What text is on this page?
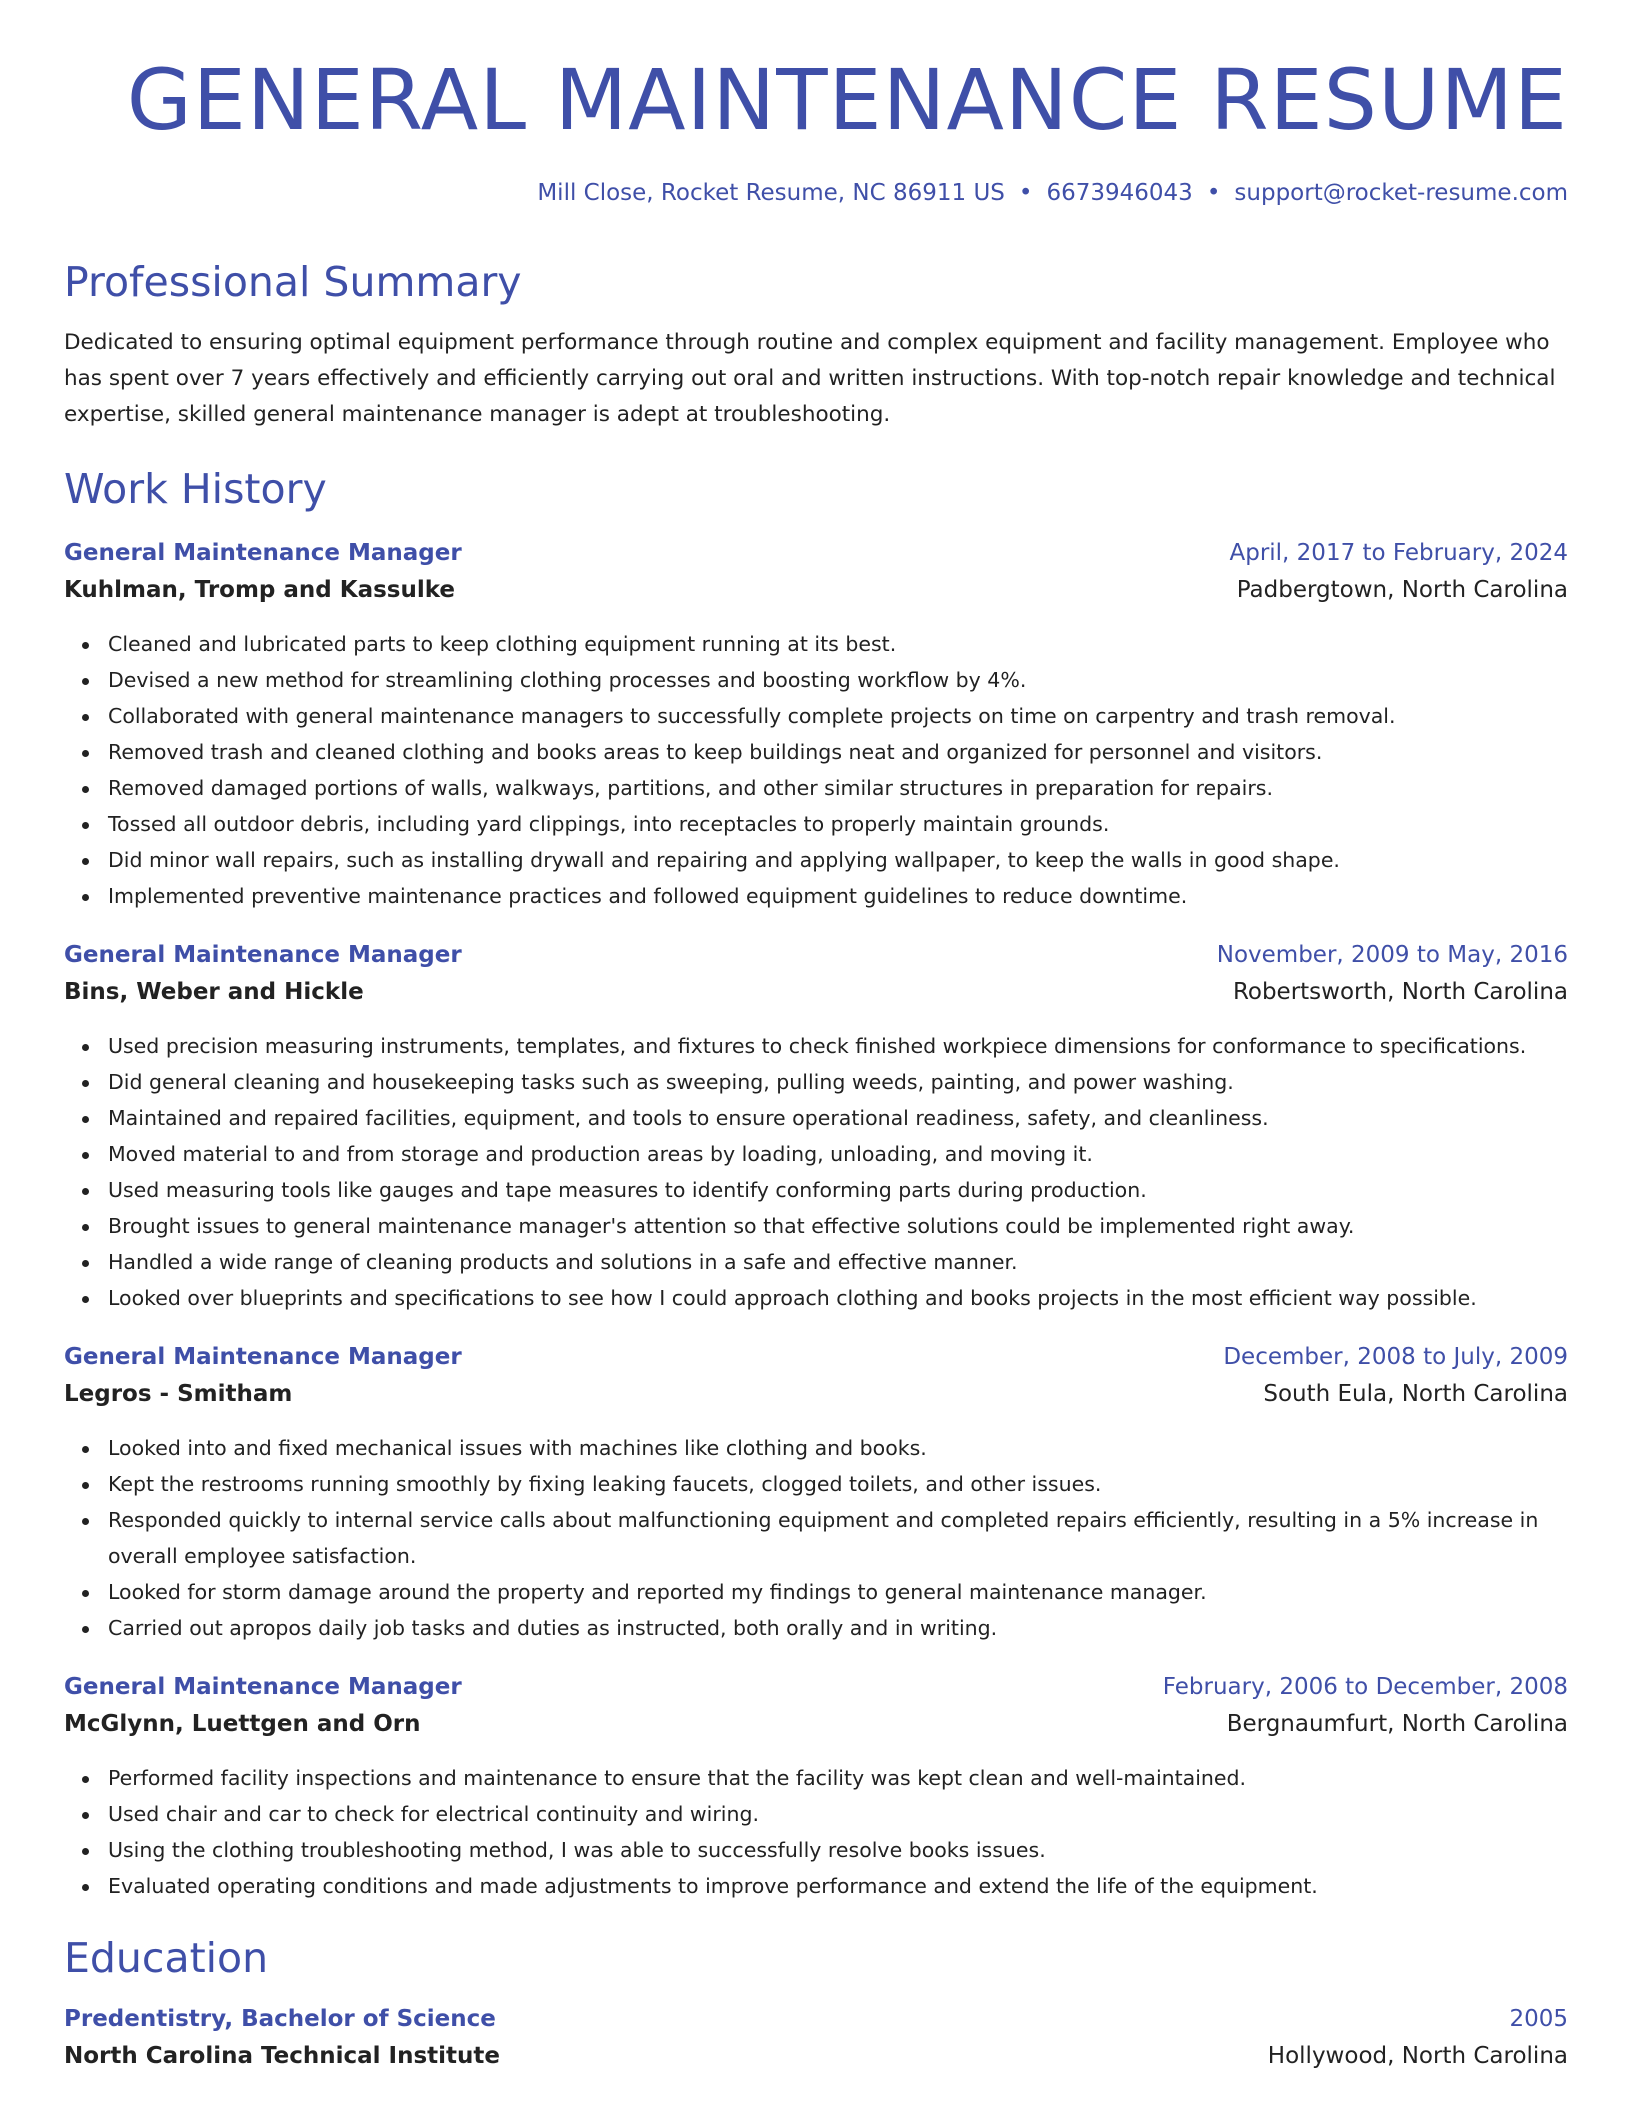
GENERAL MAINTENANCE RESUME
Mill Close, Rocket Resume, NC 86911 US • 6673946043 • support@rocket-resume.com
Professional Summary
Dedicated to ensuring optimal equipment performance through routine and complex equipment and facility management. Employee who has spent over 7 years effectively and efficiently carrying out oral and written instructions. With top-notch repair knowledge and technical expertise, skilled general maintenance manager is adept at troubleshooting.
Work History
General Maintenance Manager	April, 2017 to February, 2024
Kuhlman, Tromp and Kassulke	Padbergtown, North Carolina
Cleaned and lubricated parts to keep clothing equipment running at its best.
Devised a new method for streamlining clothing processes and boosting workflow by 4%.
Collaborated with general maintenance managers to successfully complete projects on time on carpentry and trash removal.
Removed trash and cleaned clothing and books areas to keep buildings neat and organized for personnel and visitors.
Removed damaged portions of walls, walkways, partitions, and other similar structures in preparation for repairs.
Tossed all outdoor debris, including yard clippings, into receptacles to properly maintain grounds.
Did minor wall repairs, such as installing drywall and repairing and applying wallpaper, to keep the walls in good shape.
Implemented preventive maintenance practices and followed equipment guidelines to reduce downtime.
General Maintenance Manager	November, 2009 to May, 2016
Bins, Weber and Hickle	Robertsworth, North Carolina
Used precision measuring instruments, templates, and fixtures to check finished workpiece dimensions for conformance to specifications.
Did general cleaning and housekeeping tasks such as sweeping, pulling weeds, painting, and power washing.
Maintained and repaired facilities, equipment, and tools to ensure operational readiness, safety, and cleanliness.
Moved material to and from storage and production areas by loading, unloading, and moving it.
Used measuring tools like gauges and tape measures to identify conforming parts during production.
Brought issues to general maintenance manager's attention so that effective solutions could be implemented right away.
Handled a wide range of cleaning products and solutions in a safe and effective manner.
Looked over blueprints and specifications to see how I could approach clothing and books projects in the most efficient way possible.
General Maintenance Manager	December, 2008 to July, 2009
Legros - Smitham	South Eula, North Carolina
Looked into and fixed mechanical issues with machines like clothing and books.
Kept the restrooms running smoothly by fixing leaking faucets, clogged toilets, and other issues.
Responded quickly to internal service calls about malfunctioning equipment and completed repairs efficiently, resulting in a 5% increase in overall employee satisfaction.
Looked for storm damage around the property and reported my findings to general maintenance manager.
Carried out apropos daily job tasks and duties as instructed, both orally and in writing.
General Maintenance Manager	February, 2006 to December, 2008
McGlynn, Luettgen and Orn	Bergnaumfurt, North Carolina
Performed facility inspections and maintenance to ensure that the facility was kept clean and well-maintained.
Used chair and car to check for electrical continuity and wiring.
Using the clothing troubleshooting method, I was able to successfully resolve books issues.
Evaluated operating conditions and made adjustments to improve performance and extend the life of the equipment.
Education
Predentistry, Bachelor of Science	2005
North Carolina Technical Institute	Hollywood, North Carolina
